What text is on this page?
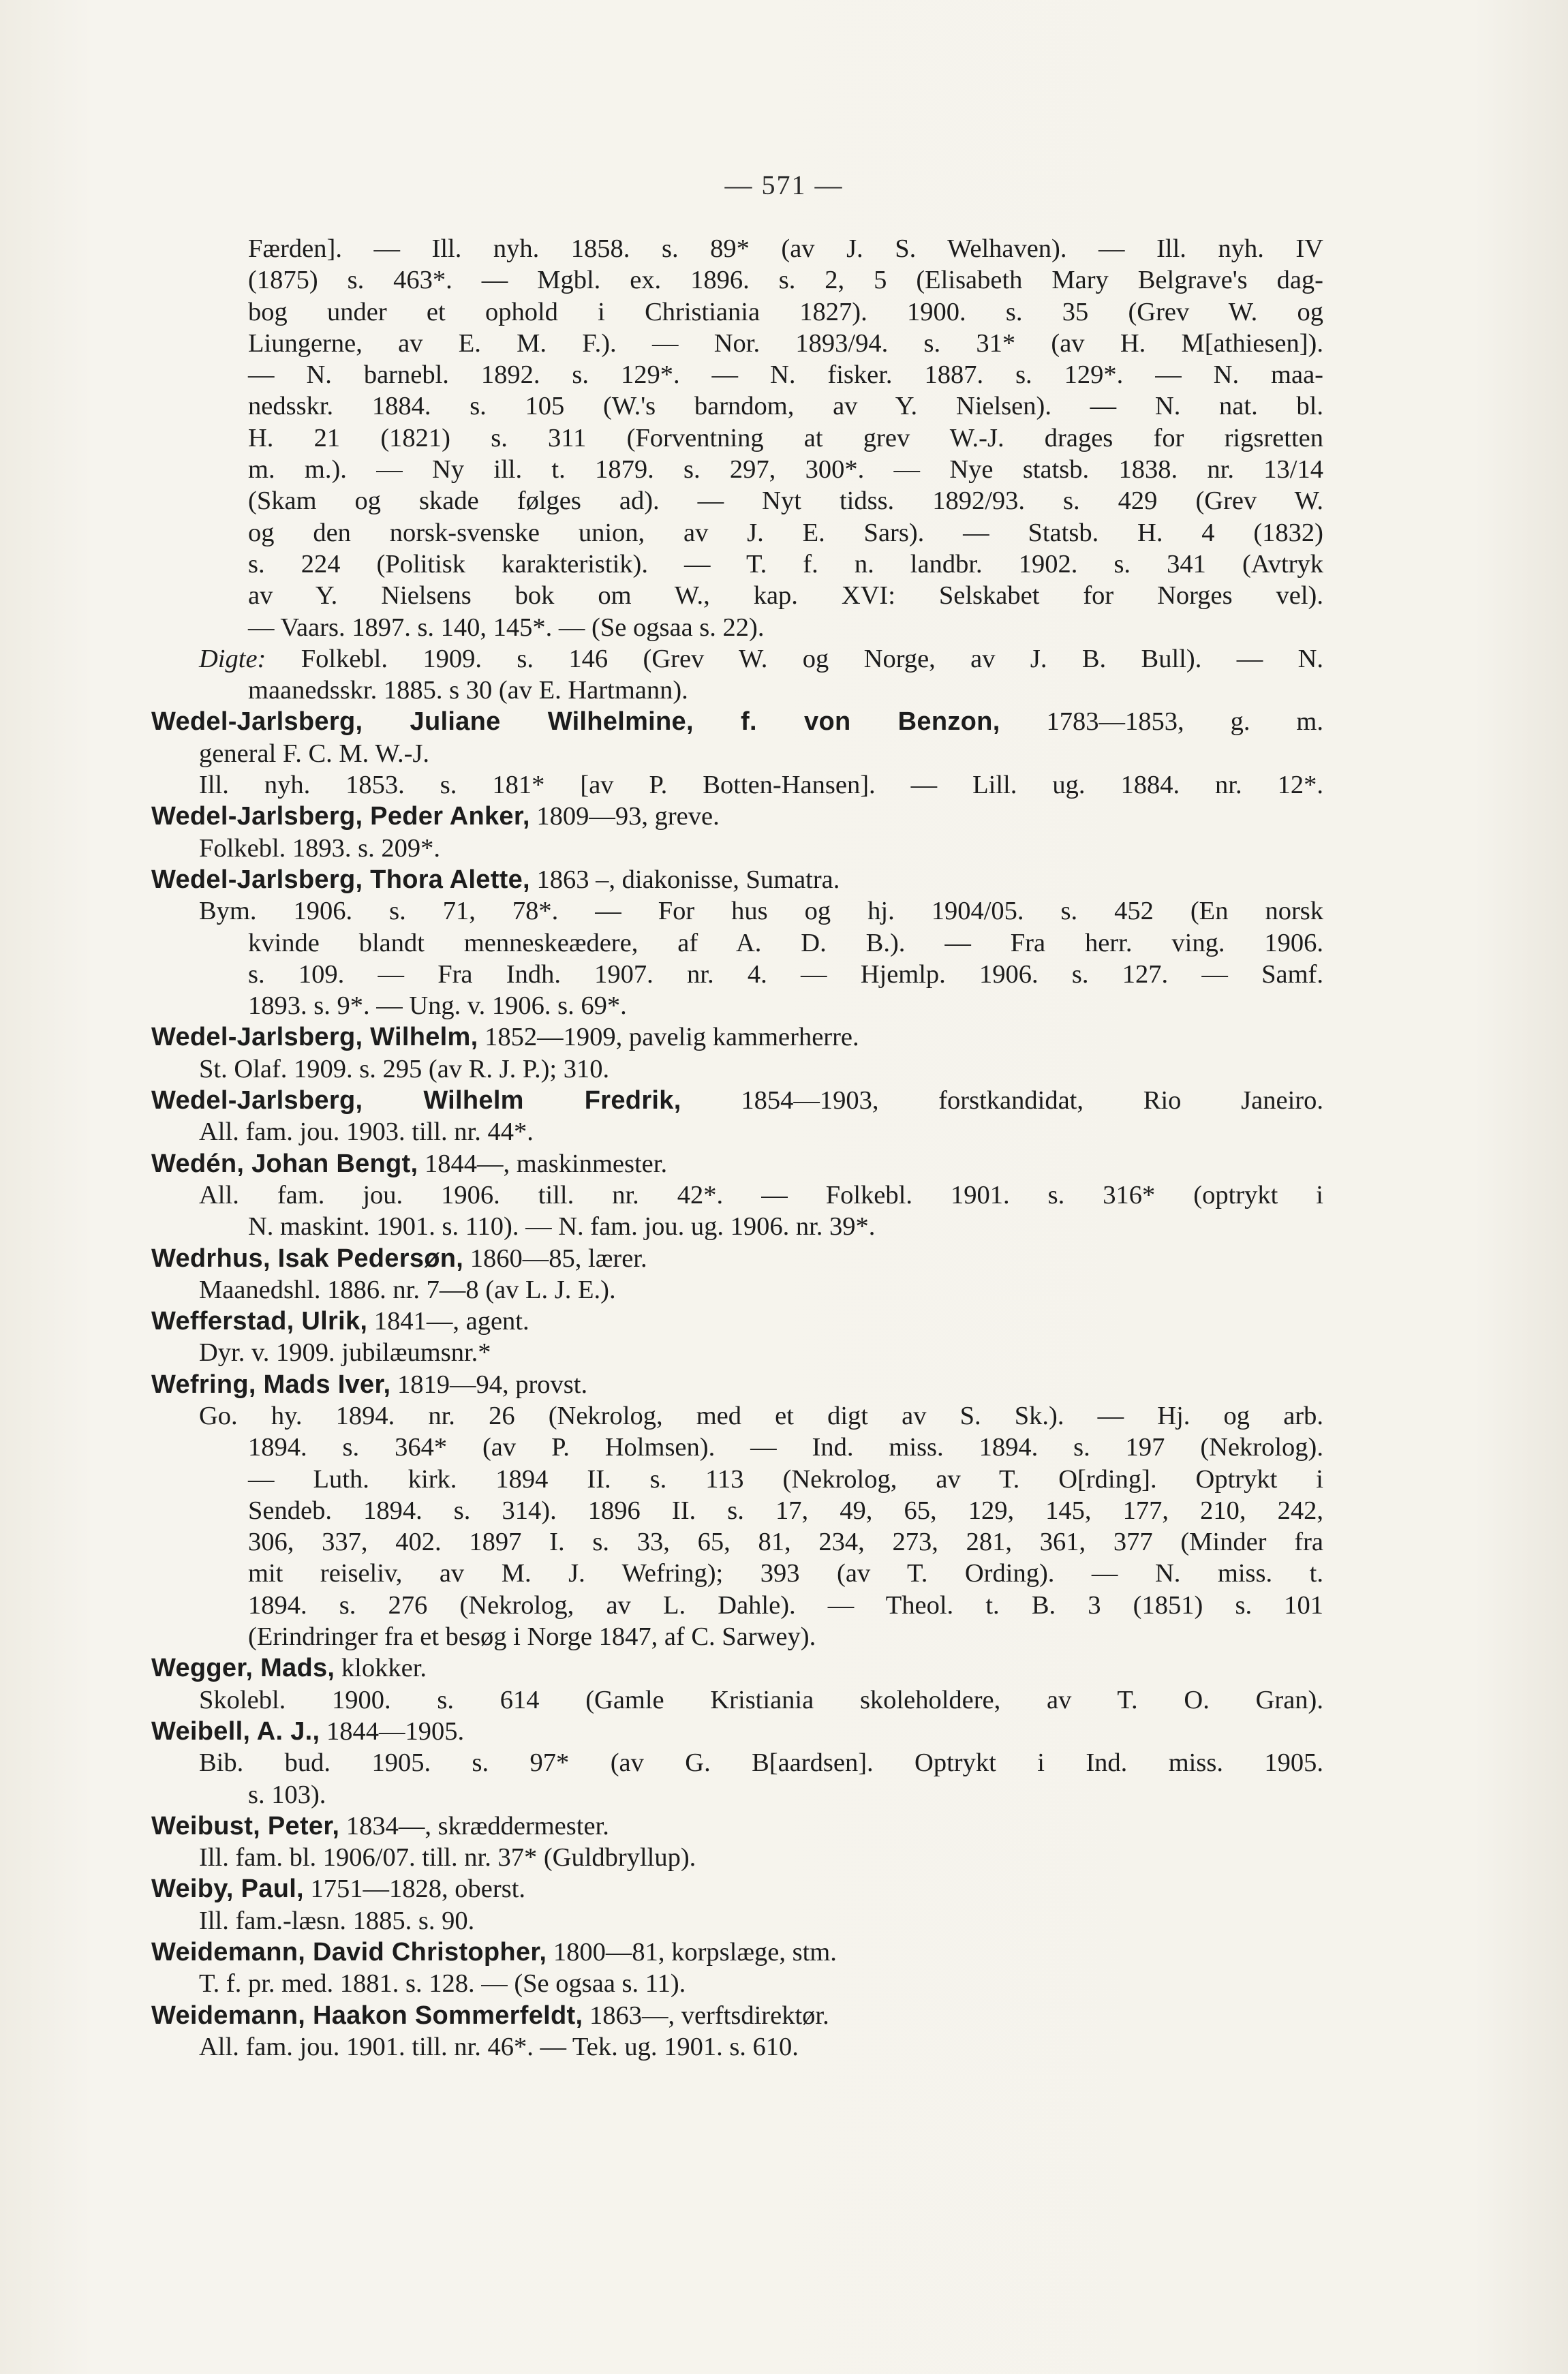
— 571 —
Færden]. — Ill. nyh. 1858. s. 89* (av J. S. Welhaven). — Ill. nyh. IV
(1875) s. 463*. — Mgbl. ex. 1896. s. 2, 5 (Elisabeth Mary Belgrave's dag-
bog under et ophold i Christiania 1827). 1900. s. 35 (Grev W. og
Liungerne, av E. M. F.). — Nor. 1893/94. s. 31* (av H. M[athiesen]).
— N. barnebl. 1892. s. 129*. — N. fisker. 1887. s. 129*. — N. maa-
nedsskr. 1884. s. 105 (W.'s barndom, av Y. Nielsen). — N. nat. bl.
H. 21 (1821) s. 311 (Forventning at grev W.-J. drages for rigsretten
m. m.). — Ny ill. t. 1879. s. 297, 300*. — Nye statsb. 1838. nr. 13/14
(Skam og skade følges ad). — Nyt tidss. 1892/93. s. 429 (Grev W.
og den norsk-svenske union, av J. E. Sars). — Statsb. H. 4 (1832)
s. 224 (Politisk karakteristik). — T. f. n. landbr. 1902. s. 341 (Avtryk
av Y. Nielsens bok om W., kap. XVI: Selskabet for Norges vel).
— Vaars. 1897. s. 140, 145*. — (Se ogsaa s. 22).
Digte: Folkebl. 1909. s. 146 (Grev W. og Norge, av J. B. Bull). — N.
maanedsskr. 1885. s 30 (av E. Hartmann).
Wedel-Jarlsberg, Juliane Wilhelmine, f. von Benzon, 1783—1853, g. m.
general F. C. M. W.-J.
Ill. nyh. 1853. s. 181* [av P. Botten-Hansen]. — Lill. ug. 1884. nr. 12*.
Wedel-Jarlsberg, Peder Anker, 1809—93, greve.
Folkebl. 1893. s. 209*.
Wedel-Jarlsberg, Thora Alette, 1863 –, diakonisse, Sumatra.
Bym. 1906. s. 71, 78*. — For hus og hj. 1904/05. s. 452 (En norsk
kvinde blandt menneskeædere, af A. D. B.). — Fra herr. ving. 1906.
s. 109. — Fra Indh. 1907. nr. 4. — Hjemlp. 1906. s. 127. — Samf.
1893. s. 9*. — Ung. v. 1906. s. 69*.
Wedel-Jarlsberg, Wilhelm, 1852—1909, pavelig kammerherre.
St. Olaf. 1909. s. 295 (av R. J. P.); 310.
Wedel-Jarlsberg, Wilhelm Fredrik, 1854—1903, forstkandidat, Rio Janeiro.
All. fam. jou. 1903. till. nr. 44*.
Wedén, Johan Bengt, 1844—, maskinmester.
All. fam. jou. 1906. till. nr. 42*. — Folkebl. 1901. s. 316* (optrykt i
N. maskint. 1901. s. 110). — N. fam. jou. ug. 1906. nr. 39*.
Wedrhus, Isak Pedersøn, 1860—85, lærer.
Maanedshl. 1886. nr. 7—8 (av L. J. E.).
Wefferstad, Ulrik, 1841—, agent.
Dyr. v. 1909. jubilæumsnr.*
Wefring, Mads Iver, 1819—94, provst.
Go. hy. 1894. nr. 26 (Nekrolog, med et digt av S. Sk.). — Hj. og arb.
1894. s. 364* (av P. Holmsen). — Ind. miss. 1894. s. 197 (Nekrolog).
— Luth. kirk. 1894 II. s. 113 (Nekrolog, av T. O[rding]. Optrykt i
Sendeb. 1894. s. 314). 1896 II. s. 17, 49, 65, 129, 145, 177, 210, 242,
306, 337, 402. 1897 I. s. 33, 65, 81, 234, 273, 281, 361, 377 (Minder fra
mit reiseliv, av M. J. Wefring); 393 (av T. Ording). — N. miss. t.
1894. s. 276 (Nekrolog, av L. Dahle). — Theol. t. B. 3 (1851) s. 101
(Erindringer fra et besøg i Norge 1847, af C. Sarwey).
Wegger, Mads, klokker.
Skolebl. 1900. s. 614 (Gamle Kristiania skoleholdere, av T. O. Gran).
Weibell, A. J., 1844—1905.
Bib. bud. 1905. s. 97* (av G. B[aardsen]. Optrykt i Ind. miss. 1905.
s. 103).
Weibust, Peter, 1834—, skræddermester.
Ill. fam. bl. 1906/07. till. nr. 37* (Guldbryllup).
Weiby, Paul, 1751—1828, oberst.
Ill. fam.-læsn. 1885. s. 90.
Weidemann, David Christopher, 1800—81, korpslæge, stm.
T. f. pr. med. 1881. s. 128. — (Se ogsaa s. 11).
Weidemann, Haakon Sommerfeldt, 1863—, verftsdirektør.
All. fam. jou. 1901. till. nr. 46*. — Tek. ug. 1901. s. 610.
